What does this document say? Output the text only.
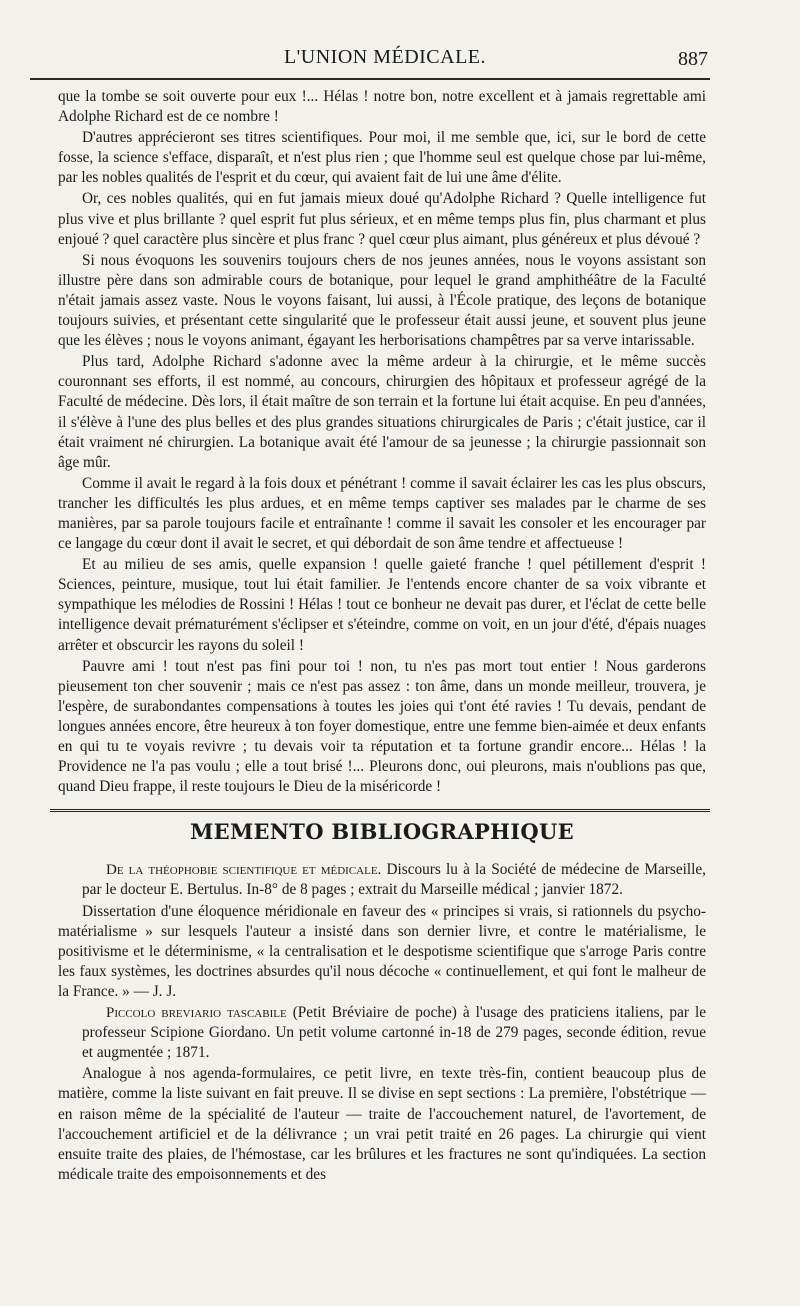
L'UNION MÉDICALE.	887

que la tombe se soit ouverte pour eux !... Hélas ! notre bon, notre excellent et à jamais regrettable ami Adolphe Richard est de ce nombre !

D'autres apprécieront ses titres scientifiques. Pour moi, il me semble que, ici, sur le bord de cette fosse, la science s'efface, disparaît, et n'est plus rien ; que l'homme seul est quelque chose par lui-même, par les nobles qualités de l'esprit et du cœur, qui avaient fait de lui une âme d'élite.

Or, ces nobles qualités, qui en fut jamais mieux doué qu'Adolphe Richard ? Quelle intelligence fut plus vive et plus brillante ? quel esprit fut plus sérieux, et en même temps plus fin, plus charmant et plus enjoué ? quel caractère plus sincère et plus franc ? quel cœur plus aimant, plus généreux et plus dévoué ?

Si nous évoquons les souvenirs toujours chers de nos jeunes années, nous le voyons assistant son illustre père dans son admirable cours de botanique, pour lequel le grand amphithéâtre de la Faculté n'était jamais assez vaste. Nous le voyons faisant, lui aussi, à l'École pratique, des leçons de botanique toujours suivies, et présentant cette singularité que le professeur était aussi jeune, et souvent plus jeune que les élèves ; nous le voyons animant, égayant les herborisations champêtres par sa verve intarissable.

Plus tard, Adolphe Richard s'adonne avec la même ardeur à la chirurgie, et le même succès couronnant ses efforts, il est nommé, au concours, chirurgien des hôpitaux et professeur agrégé de la Faculté de médecine. Dès lors, il était maître de son terrain et la fortune lui était acquise. En peu d'années, il s'élève à l'une des plus belles et des plus grandes situations chirurgicales de Paris ; c'était justice, car il était vraiment né chirurgien. La botanique avait été l'amour de sa jeunesse ; la chirurgie passionnait son âge mûr.

Comme il avait le regard à la fois doux et pénétrant ! comme il savait éclairer les cas les plus obscurs, trancher les difficultés les plus ardues, et en même temps captiver ses malades par le charme de ses manières, par sa parole toujours facile et entraînante ! comme il savait les consoler et les encourager par ce langage du cœur dont il avait le secret, et qui débordait de son âme tendre et affectueuse !

Et au milieu de ses amis, quelle expansion ! quelle gaieté franche ! quel pétillement d'esprit ! Sciences, peinture, musique, tout lui était familier. Je l'entends encore chanter de sa voix vibrante et sympathique les mélodies de Rossini ! Hélas ! tout ce bonheur ne devait pas durer, et l'éclat de cette belle intelligence devait prématurément s'éclipser et s'éteindre, comme on voit, en un jour d'été, d'épais nuages arrêter et obscurcir les rayons du soleil !

Pauvre ami ! tout n'est pas fini pour toi ! non, tu n'es pas mort tout entier ! Nous garderons pieusement ton cher souvenir ; mais ce n'est pas assez : ton âme, dans un monde meilleur, trouvera, je l'espère, de surabondantes compensations à toutes les joies qui t'ont été ravies ! Tu devais, pendant de longues années encore, être heureux à ton foyer domestique, entre une femme bien-aimée et deux enfants en qui tu te voyais revivre ; tu devais voir ta réputation et ta fortune grandir encore... Hélas ! la Providence ne l'a pas voulu ; elle a tout brisé !... Pleurons donc, oui pleurons, mais n'oublions pas que, quand Dieu frappe, il reste toujours le Dieu de la miséricorde !

MEMENTO BIBLIOGRAPHIQUE

De la théophobie scientifique et médicale. Discours lu à la Société de médecine de Marseille, par le docteur E. Bertulus. In-8° de 8 pages ; extrait du Marseille médical ; janvier 1872.

Dissertation d'une éloquence méridionale en faveur des « principes si vrais, si rationnels du psycho-matérialisme » sur lesquels l'auteur a insisté dans son dernier livre, et contre le matérialisme, le positivisme et le déterminisme, « la centralisation et le despotisme scientifique que s'arroge Paris contre les faux systèmes, les doctrines absurdes qu'il nous décoche « continuellement, et qui font le malheur de la France. » — J. J.

Piccolo breviario tascabile (Petit Bréviaire de poche) à l'usage des praticiens italiens, par le professeur Scipione Giordano. Un petit volume cartonné in-18 de 279 pages, seconde édition, revue et augmentée ; 1871.

Analogue à nos agenda-formulaires, ce petit livre, en texte très-fin, contient beaucoup plus de matière, comme la liste suivant en fait preuve. Il se divise en sept sections : La première, l'obstétrique — en raison même de la spécialité de l'auteur — traite de l'accouchement naturel, de l'avortement, de l'accouchement artificiel et de la délivrance ; un vrai petit traité en 26 pages. La chirurgie qui vient ensuite traite des plaies, de l'hémostase, car les brûlures et les fractures ne sont qu'indiquées. La section médicale traite des empoisonnements et des
